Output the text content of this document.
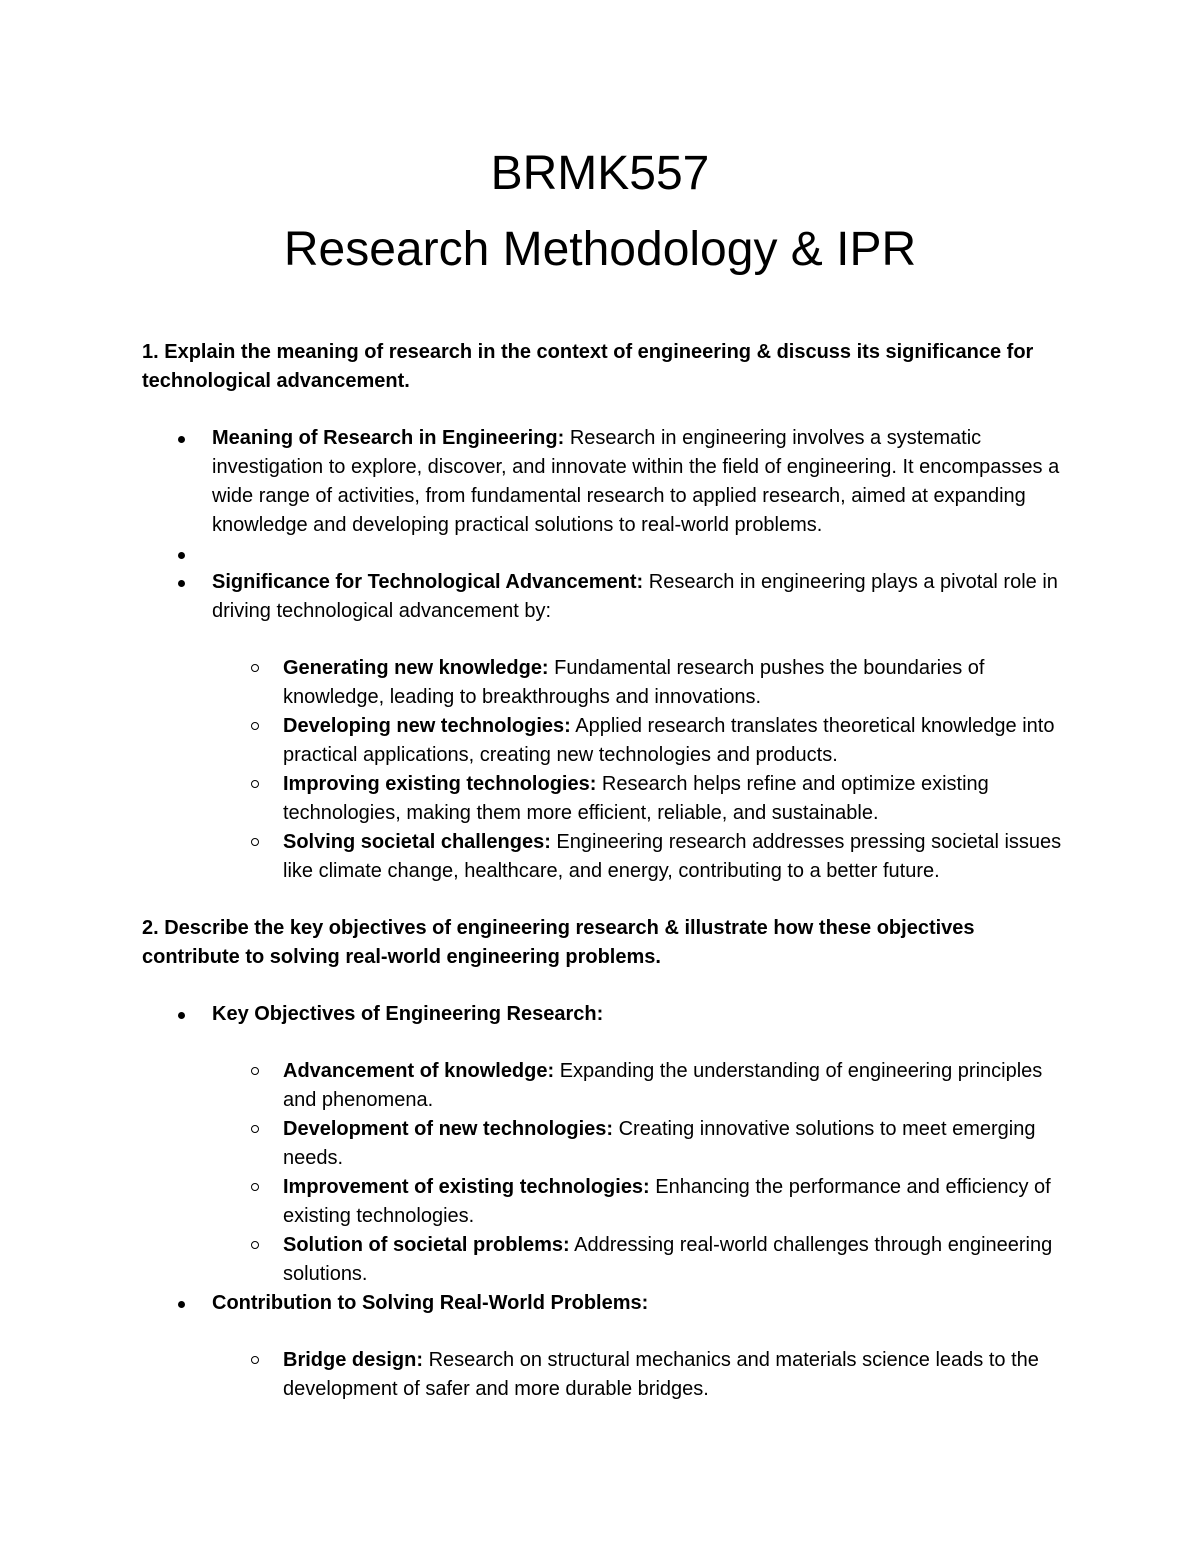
BRMK557
Research Methodology & IPR

1. Explain the meaning of research in the context of engineering & discuss its significance for technological advancement.

Meaning of Research in Engineering: Research in engineering involves a systematic investigation to explore, discover, and innovate within the field of engineering. It encompasses a wide range of activities, from fundamental research to applied research, aimed at expanding knowledge and developing practical solutions to real-world problems.
Significance for Technological Advancement: Research in engineering plays a pivotal role in driving technological advancement by:
Generating new knowledge: Fundamental research pushes the boundaries of knowledge, leading to breakthroughs and innovations.
Developing new technologies: Applied research translates theoretical knowledge into practical applications, creating new technologies and products.
Improving existing technologies: Research helps refine and optimize existing technologies, making them more efficient, reliable, and sustainable.
Solving societal challenges: Engineering research addresses pressing societal issues like climate change, healthcare, and energy, contributing to a better future.

2. Describe the key objectives of engineering research & illustrate how these objectives contribute to solving real-world engineering problems.

Key Objectives of Engineering Research:
Advancement of knowledge: Expanding the understanding of engineering principles and phenomena.
Development of new technologies: Creating innovative solutions to meet emerging needs.
Improvement of existing technologies: Enhancing the performance and efficiency of existing technologies.
Solution of societal problems: Addressing real-world challenges through engineering solutions.
Contribution to Solving Real-World Problems:
Bridge design: Research on structural mechanics and materials science leads to the development of safer and more durable bridges.
